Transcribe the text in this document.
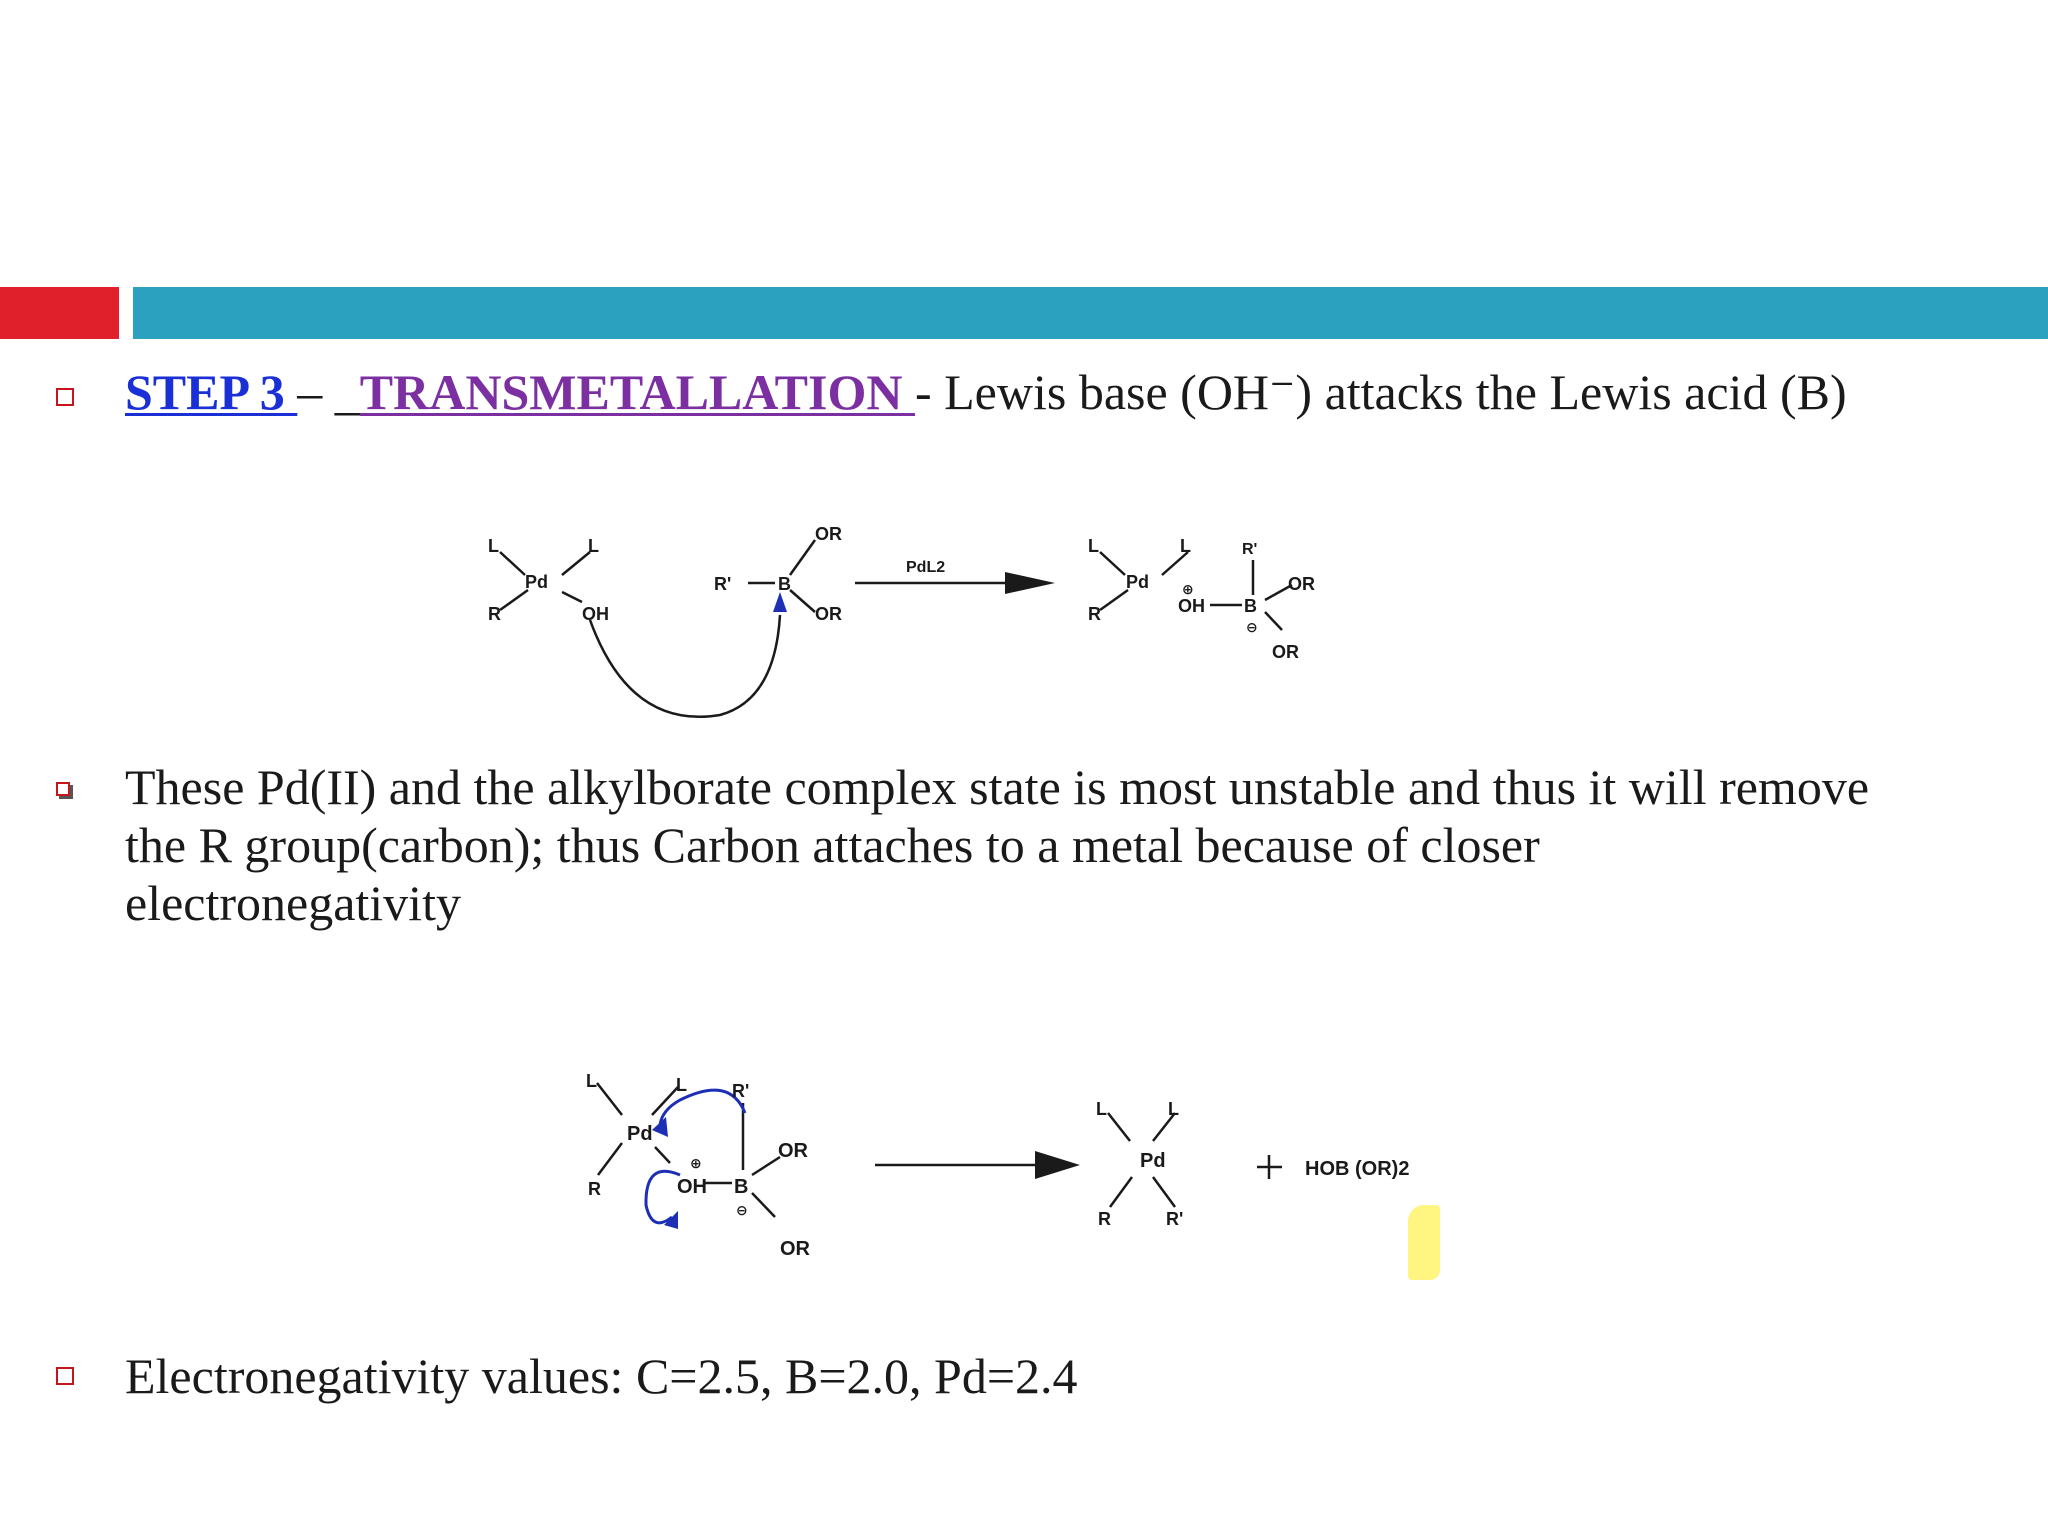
STEP 3 – _TRANSMETALLATION - Lewis base (OH⁻) attacks the Lewis acid (B)
L	L
Pd
R	OH
R'	B
OR
OR
PdL2
L	L
Pd
R	OH
⊕
B
⊖
R'
OR
OR
These Pd(II) and the alkylborate complex state is most unstable and thus it will remove the R group(carbon); thus Carbon attaches to a metal because of closer electronegativity
L	L
Pd
R	OH
⊕
B
⊖
R'
OR
OR
L	L
Pd
R	R'
HOB (OR)2
Electronegativity values: C=2.5, B=2.0, Pd=2.4
